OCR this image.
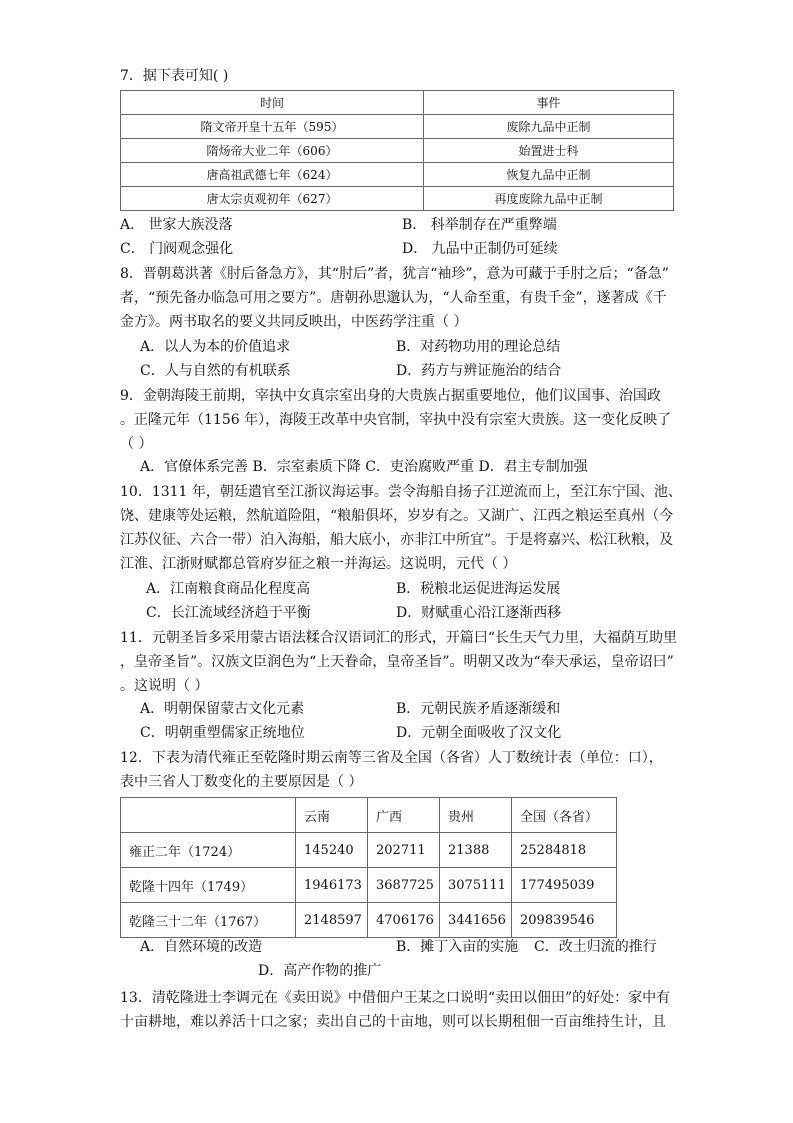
7．据下表可知( )
时间	事件
隋文帝开皇十五年（595）	废除九品中正制
隋炀帝大业二年（606）	始置进士科
唐高祖武德七年（624）	恢复九品中正制
唐太宗贞观初年（627）	再度废除九品中正制
A． 世家大族没落	B． 科举制存在严重弊端
C． 门阀观念强化	D． 九品中正制仍可延续
8．晋朝葛洪著《肘后备急方》，其“肘后”者，犹言“袖珍”，意为可藏于手肘之后；“备急”
者，“预先备办临急可用之要方”。唐朝孙思邈认为，“人命至重，有贵千金”，遂著成《千
金方》。两书取名的要义共同反映出，中医药学注重（ ）
A．以人为本的价值追求	B．对药物功用的理论总结
C．人与自然的有机联系	D．药方与辨证施治的结合
9．金朝海陵王前期，宰执中女真宗室出身的大贵族占据重要地位，他们议国事、治国政
。正隆元年（1156 年），海陵王改革中央官制，宰执中没有宗室大贵族。这一变化反映了
（ ）
A．官僚体系完善 B．宗室素质下降 C．吏治腐败严重 D．君主专制加强
10．1311 年，朝廷遣官至江浙议海运事。尝令海船自扬子江逆流而上，至江东宁国、池、
饶、建康等处运粮，然航道险阻，“粮船俱坏，岁岁有之。又湖广、江西之粮运至真州（今
江苏仪征、六合一带）泊入海船，船大底小，亦非江中所宜”。于是将嘉兴、松江秋粮，及
江淮、江浙财赋都总管府岁征之粮一并海运。这说明，元代（ ）
A．江南粮食商品化程度高	B．税粮北运促进海运发展
C．长江流域经济趋于平衡	D．财赋重心沿江逐渐西移
11．元朝圣旨多采用蒙古语法糅合汉语词汇的形式，开篇曰“长生天气力里，大福荫互助里
，皇帝圣旨”。汉族文臣润色为“上天眷命，皇帝圣旨”。明朝又改为“奉天承运，皇帝诏曰”
。这说明（ ）
A．明朝保留蒙古文化元素	B．元朝民族矛盾逐渐缓和
C．明朝重塑儒家正统地位	D．元朝全面吸收了汉文化
12．下表为清代雍正至乾隆时期云南等三省及全国（各省）人丁数统计表（单位：口），
表中三省人丁数变化的主要原因是（ ）
	云南	广西	贵州	全国（各省）
雍正二年（1724）	145240	202711	21388	25284818
乾隆十四年（1749）	1946173	3687725	3075111	177495039
乾隆三十二年（1767）	2148597	4706176	3441656	209839546
A．自然环境的改造	B．摊丁入亩的实施 C．改土归流的推行
D．高产作物的推广
13．清乾隆进士李调元在《卖田说》中借佃户王某之口说明“卖田以佃田”的好处：家中有
十亩耕地，难以养活十口之家；卖出自己的十亩地，则可以长期租佃一百亩维持生计，且
